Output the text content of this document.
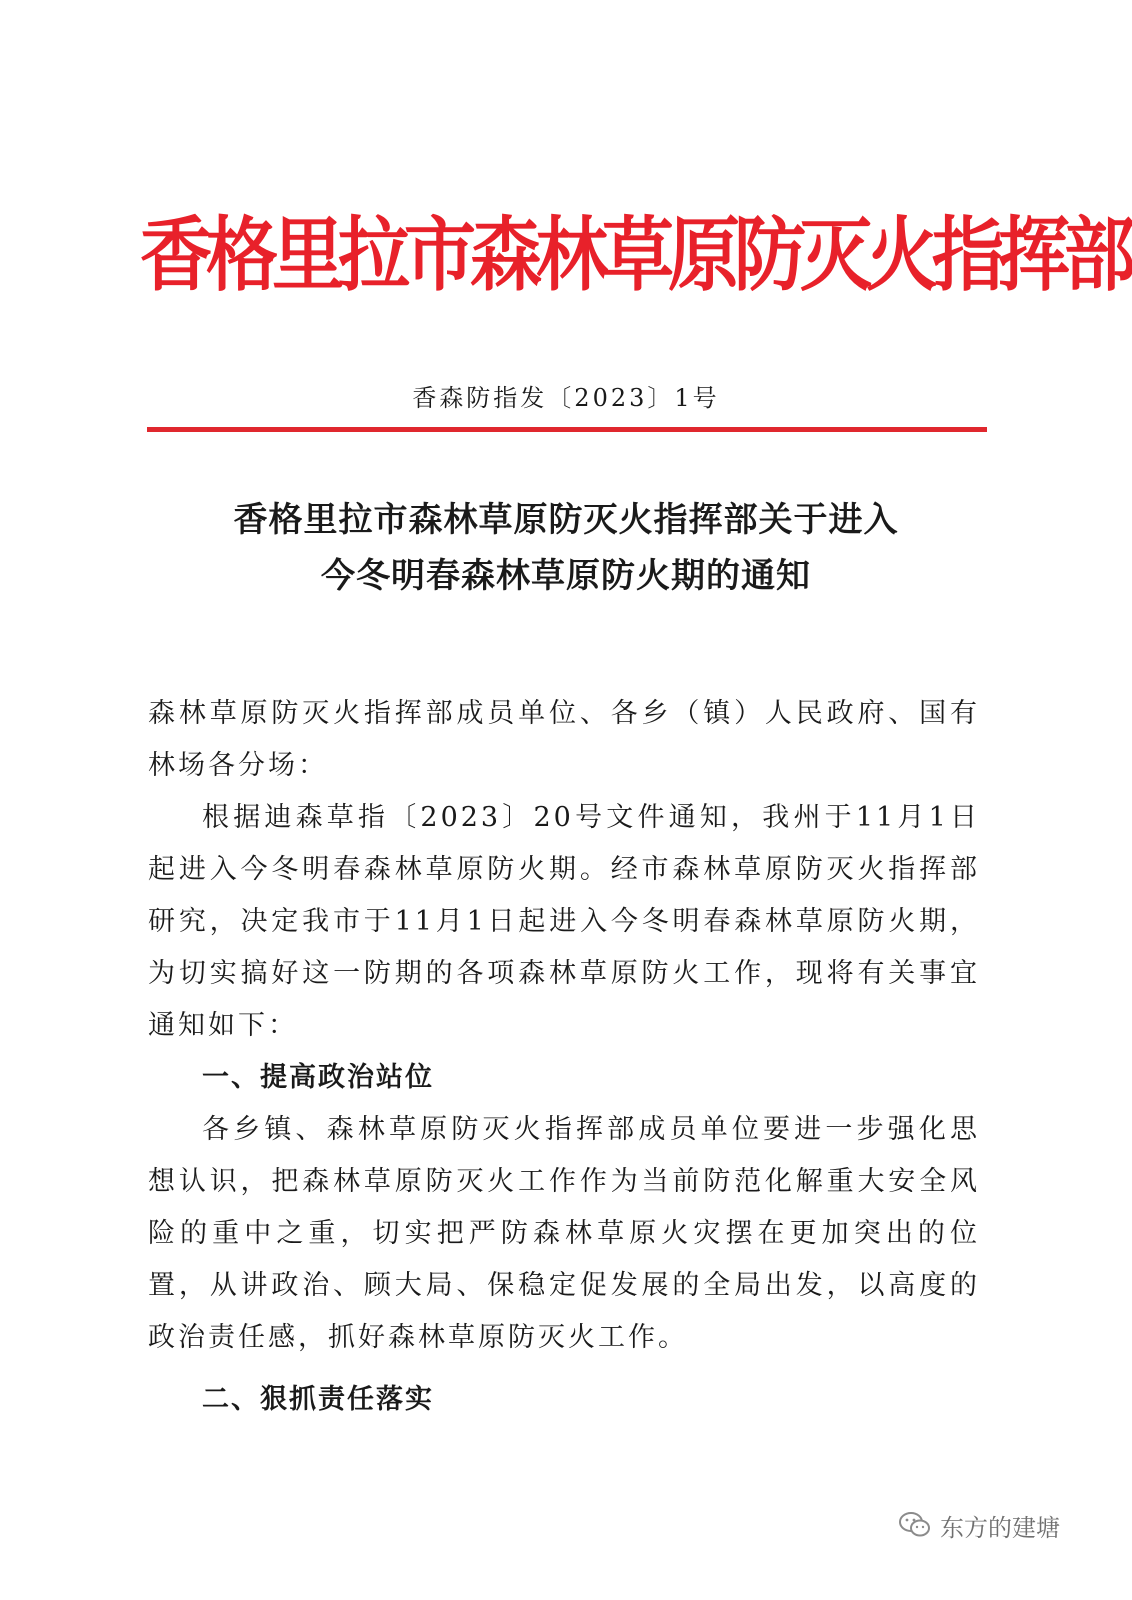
香格里拉市森林草原防灭火指挥部
香森防指发〔2023〕1号
香格里拉市森林草原防灭火指挥部关于进入
今冬明春森林草原防火期的通知

森林草原防灭火指挥部成员单位、各乡（镇）人民政府、国有林场各分场：

根据迪森草指〔2023〕20号文件通知，我州于11月1日起进入今冬明春森林草原防火期。经市森林草原防灭火指挥部研究，决定我市于11月1日起进入今冬明春森林草原防火期，为切实搞好这一防期的各项森林草原防火工作，现将有关事宜通知如下：

一、提高政治站位

各乡镇、森林草原防灭火指挥部成员单位要进一步强化思想认识，把森林草原防灭火工作作为当前防范化解重大安全风险的重中之重，切实把严防森林草原火灾摆在更加突出的位置，从讲政治、顾大局、保稳定促发展的全局出发，以高度的政治责任感，抓好森林草原防灭火工作。

二、狠抓责任落实

东方的建塘
